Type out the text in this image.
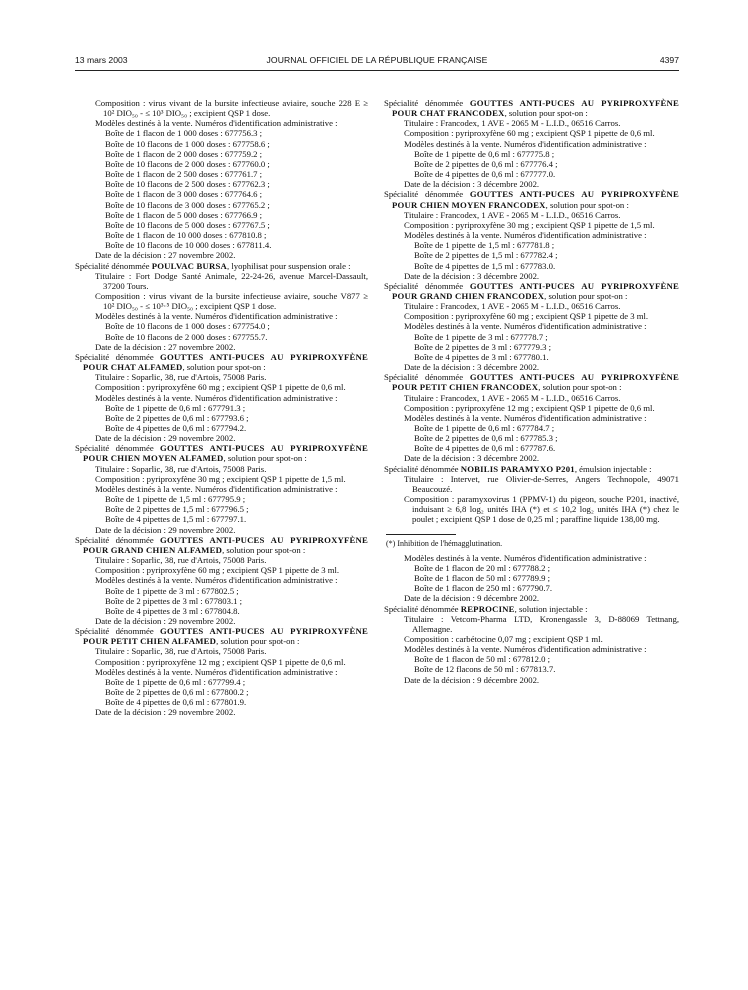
13 mars 2003	JOURNAL OFFICIEL DE LA RÉPUBLIQUE FRANÇAISE	4397

Composition : virus vivant de la bursite infectieuse aviaire, souche 228 E ≥ 10² DIO₅₀ - ≤ 10³ DIO₅₀ ; excipient QSP 1 dose.

Modèles destinés à la vente. Numéros d'identification administrative :

Boîte de 1 flacon de 1 000 doses : 677756.3 ;

Boîte de 10 flacons de 1 000 doses : 677758.6 ;

Boîte de 1 flacon de 2 000 doses : 677759.2 ;

Boîte de 10 flacons de 2 000 doses : 677760.0 ;

Boîte de 1 flacon de 2 500 doses : 677761.7 ;

Boîte de 10 flacons de 2 500 doses : 677762.3 ;

Boîte de 1 flacon de 3 000 doses : 677764.6 ;

Boîte de 10 flacons de 3 000 doses : 677765.2 ;

Boîte de 1 flacon de 5 000 doses : 677766.9 ;

Boîte de 10 flacons de 5 000 doses : 677767.5 ;

Boîte de 1 flacon de 10 000 doses : 677810.8 ;

Boîte de 10 flacons de 10 000 doses : 677811.4.

Date de la décision : 27 novembre 2002.

Spécialité dénommée POULVAC BURSA, lyophilisat pour suspension orale :

Titulaire : Fort Dodge Santé Animale, 22-24-26, avenue Marcel-Dassault, 37200 Tours.

Composition : virus vivant de la bursite infectieuse aviaire, souche V877 ≥ 10² DIO₅₀ - ≤ 10³·⁵ DIO₅₀ ; excipient QSP 1 dose.

Modèles destinés à la vente. Numéros d'identification administrative :

Boîte de 10 flacons de 1 000 doses : 677754.0 ;

Boîte de 10 flacons de 2 000 doses : 677755.7.

Date de la décision : 27 novembre 2002.

Spécialité dénommée GOUTTES ANTI-PUCES AU PYRIPROXYFÈNE POUR CHAT ALFAMED, solution pour spot-on :

Titulaire : Soparlic, 38, rue d'Artois, 75008 Paris.

Composition : pyriproxyfène 60 mg ; excipient QSP 1 pipette de 0,6 ml.

Modèles destinés à la vente. Numéros d'identification administrative :

Boîte de 1 pipette de 0,6 ml : 677791.3 ;

Boîte de 2 pipettes de 0,6 ml : 677793.6 ;

Boîte de 4 pipettes de 0,6 ml : 677794.2.

Date de la décision : 29 novembre 2002.

Spécialité dénommée GOUTTES ANTI-PUCES AU PYRIPROXYFÈNE POUR CHIEN MOYEN ALFAMED, solution pour spot-on :

Titulaire : Soparlic, 38, rue d'Artois, 75008 Paris.

Composition : pyriproxyfène 30 mg ; excipient QSP 1 pipette de 1,5 ml.

Modèles destinés à la vente. Numéros d'identification administrative :

Boîte de 1 pipette de 1,5 ml : 677795.9 ;

Boîte de 2 pipettes de 1,5 ml : 677796.5 ;

Boîte de 4 pipettes de 1,5 ml : 677797.1.

Date de la décision : 29 novembre 2002.

Spécialité dénommée GOUTTES ANTI-PUCES AU PYRIPROXYFÈNE POUR GRAND CHIEN ALFAMED, solution pour spot-on :

Titulaire : Soparlic, 38, rue d'Artois, 75008 Paris.

Composition : pyriproxyfène 60 mg ; excipient QSP 1 pipette de 3 ml.

Modèles destinés à la vente. Numéros d'identification administrative :

Boîte de 1 pipette de 3 ml : 677802.5 ;

Boîte de 2 pipettes de 3 ml : 677803.1 ;

Boîte de 4 pipettes de 3 ml : 677804.8.

Date de la décision : 29 novembre 2002.

Spécialité dénommée GOUTTES ANTI-PUCES AU PYRIPROXYFÈNE POUR PETIT CHIEN ALFAMED, solution pour spot-on :

Titulaire : Soparlic, 38, rue d'Artois, 75008 Paris.

Composition : pyriproxyfène 12 mg ; excipient QSP 1 pipette de 0,6 ml.

Modèles destinés à la vente. Numéros d'identification administrative :

Boîte de 1 pipette de 0,6 ml : 677799.4 ;

Boîte de 2 pipettes de 0,6 ml : 677800.2 ;

Boîte de 4 pipettes de 0,6 ml : 677801.9.

Date de la décision : 29 novembre 2002.

Spécialité dénommée GOUTTES ANTI-PUCES AU PYRIPROXYFÈNE POUR CHAT FRANCODEX, solution pour spot-on :

Titulaire : Francodex, 1 AVE - 2065 M - L.I.D., 06516 Carros.

Composition : pyriproxyfène 60 mg ; excipient QSP 1 pipette de 0,6 ml.

Modèles destinés à la vente. Numéros d'identification administrative :

Boîte de 1 pipette de 0,6 ml : 677775.8 ;

Boîte de 2 pipettes de 0,6 ml : 677776.4 ;

Boîte de 4 pipettes de 0,6 ml : 677777.0.

Date de la décision : 3 décembre 2002.

Spécialité dénommée GOUTTES ANTI-PUCES AU PYRIPROXYFÈNE POUR CHIEN MOYEN FRANCODEX, solution pour spot-on :

Titulaire : Francodex, 1 AVE - 2065 M - L.I.D., 06516 Carros.

Composition : pyriproxyfène 30 mg ; excipient QSP 1 pipette de 1,5 ml.

Modèles destinés à la vente. Numéros d'identification administrative :

Boîte de 1 pipette de 1,5 ml : 677781.8 ;

Boîte de 2 pipettes de 1,5 ml : 677782.4 ;

Boîte de 4 pipettes de 1,5 ml : 677783.0.

Date de la décision : 3 décembre 2002.

Spécialité dénommée GOUTTES ANTI-PUCES AU PYRIPROXYFÈNE POUR GRAND CHIEN FRANCODEX, solution pour spot-on :

Titulaire : Francodex, 1 AVE - 2065 M - L.I.D., 06516 Carros.

Composition : pyriproxyfène 60 mg ; excipient QSP 1 pipette de 3 ml.

Modèles destinés à la vente. Numéros d'identification administrative :

Boîte de 1 pipette de 3 ml : 677778.7 ;

Boîte de 2 pipettes de 3 ml : 677779.3 ;

Boîte de 4 pipettes de 3 ml : 677780.1.

Date de la décision : 3 décembre 2002.

Spécialité dénommée GOUTTES ANTI-PUCES AU PYRIPROXYFÈNE POUR PETIT CHIEN FRANCODEX, solution pour spot-on :

Titulaire : Francodex, 1 AVE - 2065 M - L.I.D., 06516 Carros.

Composition : pyriproxyfène 12 mg ; excipient QSP 1 pipette de 0,6 ml.

Modèles destinés à la vente. Numéros d'identification administrative :

Boîte de 1 pipette de 0,6 ml : 677784.7 ;

Boîte de 2 pipettes de 0,6 ml : 677785.3 ;

Boîte de 4 pipettes de 0,6 ml : 677787.6.

Date de la décision : 3 décembre 2002.

Spécialité dénommée NOBILIS PARAMYXO P201, émulsion injectable :

Titulaire : Intervet, rue Olivier-de-Serres, Angers Technopole, 49071 Beaucouzé.

Composition : paramyxovirus 1 (PPMV-1) du pigeon, souche P201, inactivé, induisant ≥ 6,8 log₂ unités IHA (*) et ≤ 10,2 log₂ unités IHA (*) chez le poulet ; excipient QSP 1 dose de 0,25 ml ; paraffine liquide 138,00 mg.

(*) Inhibition de l'hémagglutination.

Modèles destinés à la vente. Numéros d'identification administrative :

Boîte de 1 flacon de 20 ml : 677788.2 ;

Boîte de 1 flacon de 50 ml : 677789.9 ;

Boîte de 1 flacon de 250 ml : 677790.7.

Date de la décision : 9 décembre 2002.

Spécialité dénommée REPROCINE, solution injectable :

Titulaire : Vetcom-Pharma LTD, Kronengassle 3, D-88069 Tettnang, Allemagne.

Composition : carbétocine 0,07 mg ; excipient QSP 1 ml.

Modèles destinés à la vente. Numéros d'identification administrative :

Boîte de 1 flacon de 50 ml : 677812.0 ;

Boîte de 12 flacons de 50 ml : 677813.7.

Date de la décision : 9 décembre 2002.
